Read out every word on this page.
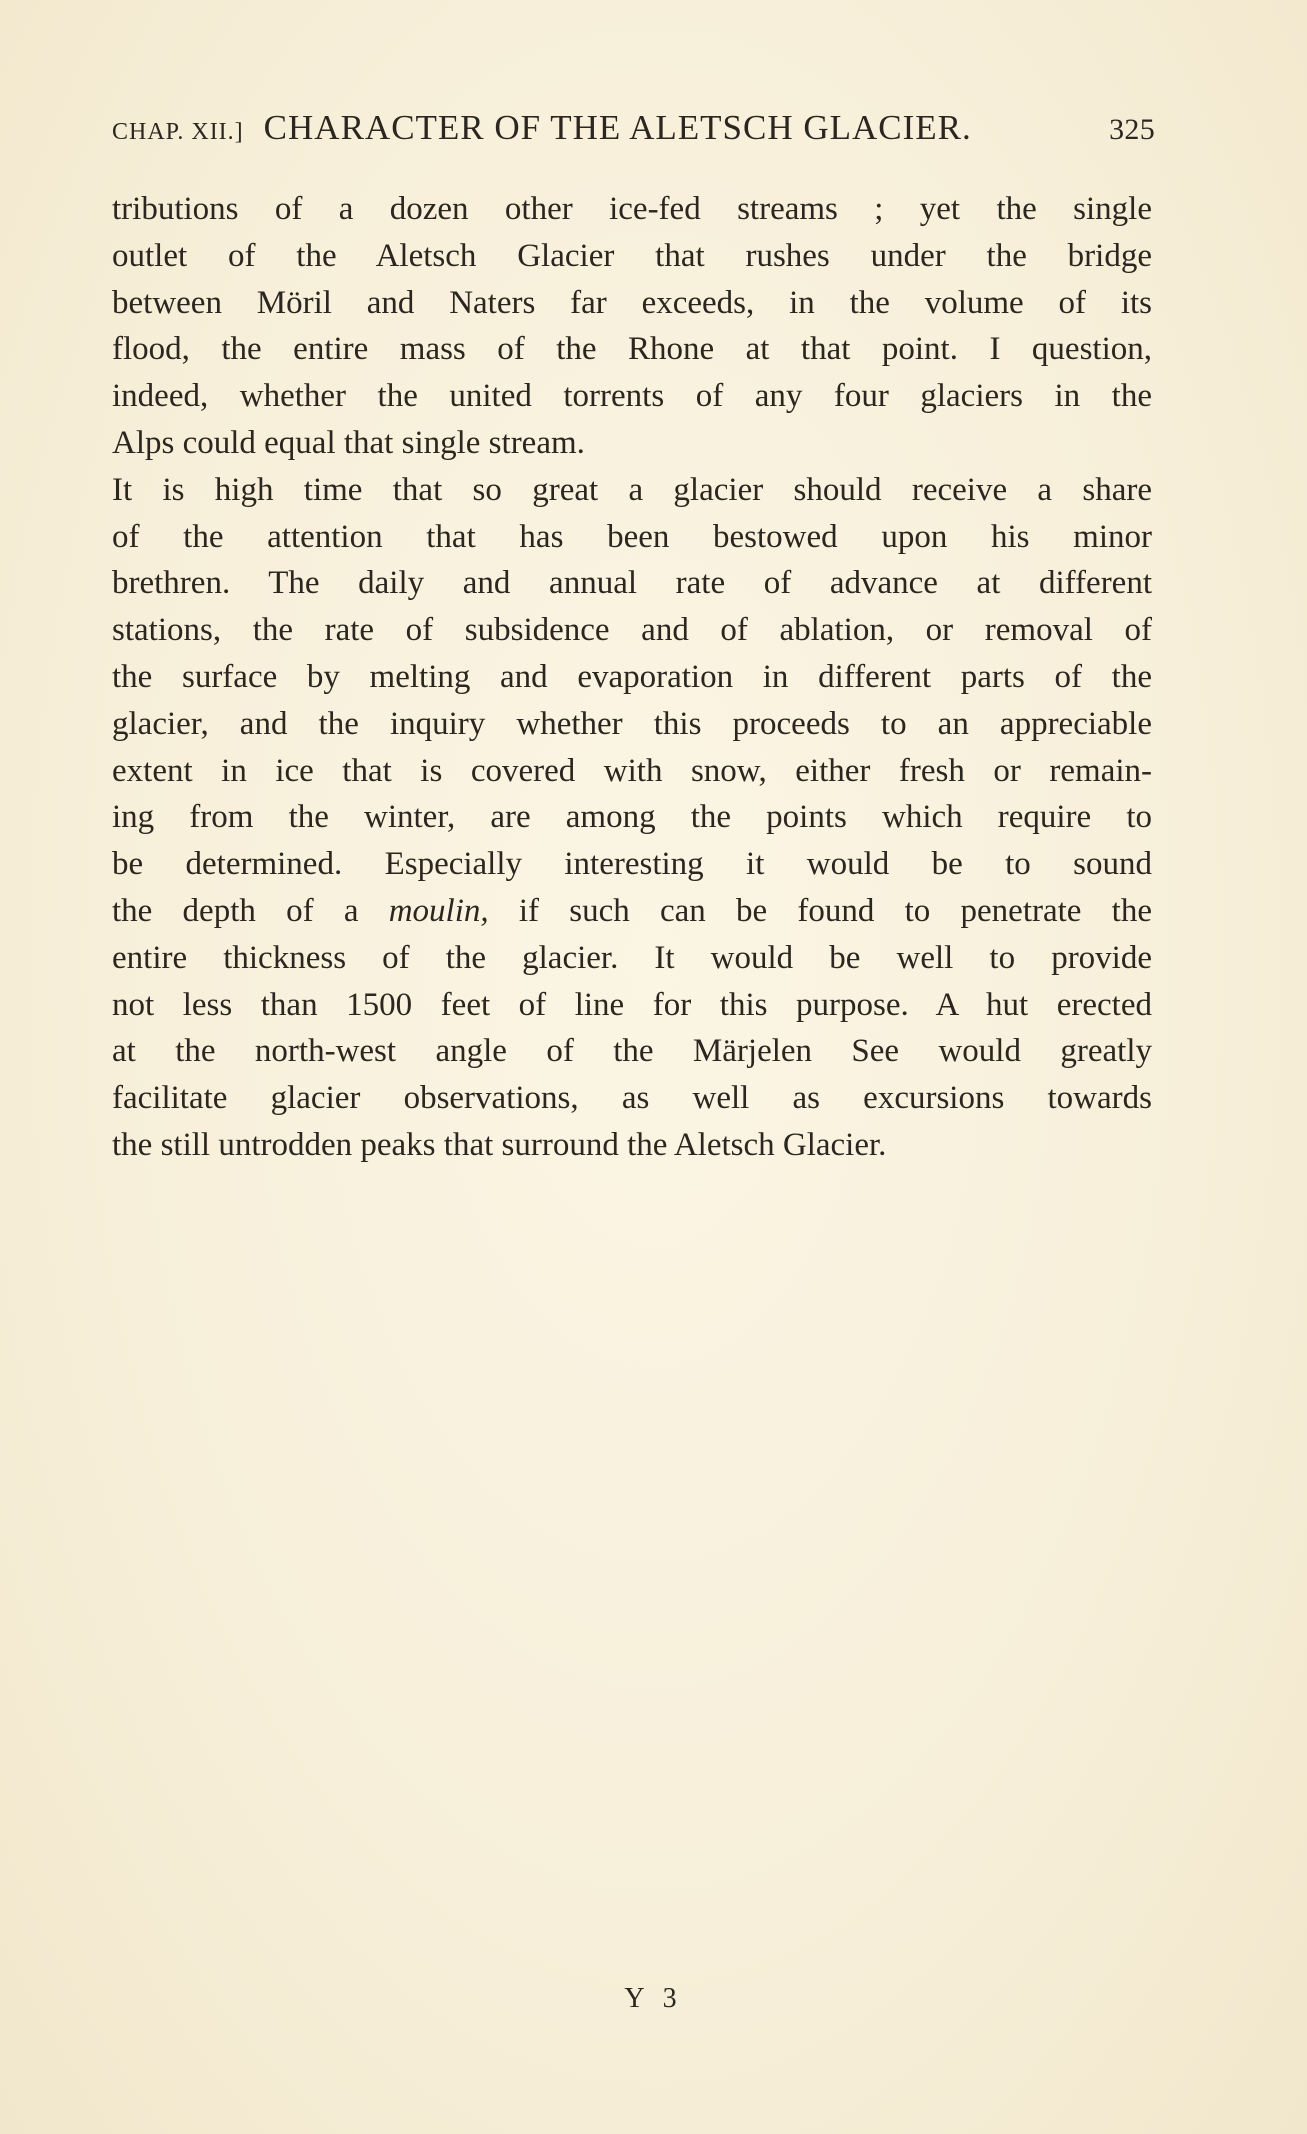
CHAP. XII.] CHARACTER OF THE ALETSCH GLACIER.	325
tributions of a dozen other ice-fed streams ; yet the single
outlet of the Aletsch Glacier that rushes under the bridge
between Möril and Naters far exceeds, in the volume of its
flood, the entire mass of the Rhone at that point. I question,
indeed, whether the united torrents of any four glaciers in the
Alps could equal that single stream.
It is high time that so great a glacier should receive a share
of the attention that has been bestowed upon his minor
brethren. The daily and annual rate of advance at different
stations, the rate of subsidence and of ablation, or removal of
the surface by melting and evaporation in different parts of the
glacier, and the inquiry whether this proceeds to an appreciable
extent in ice that is covered with snow, either fresh or remain-
ing from the winter, are among the points which require to
be determined. Especially interesting it would be to sound
the depth of a moulin, if such can be found to penetrate the
entire thickness of the glacier. It would be well to provide
not less than 1500 feet of line for this purpose. A hut erected
at the north-west angle of the Märjelen See would greatly
facilitate glacier observations, as well as excursions towards
the still untrodden peaks that surround the Aletsch Glacier.
Y 3
